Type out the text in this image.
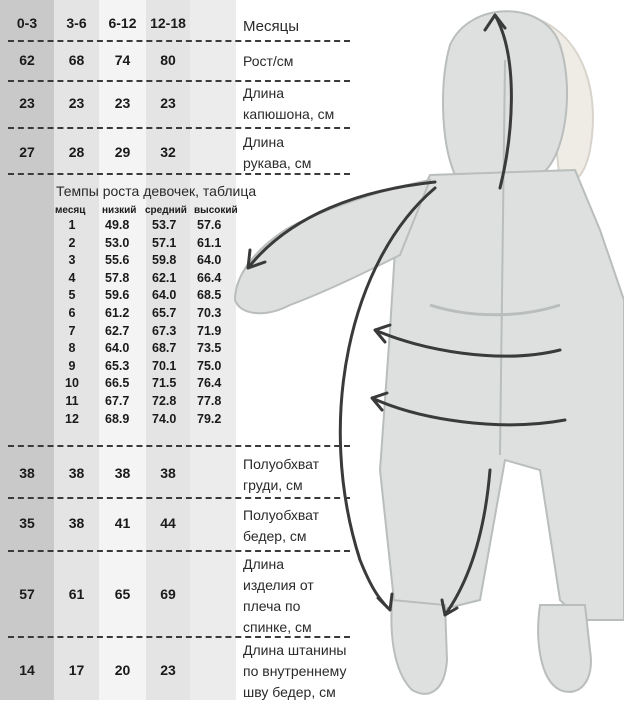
0-3	3-6	6-12 12-18	Месяцы
62	68	74	80	Рост/см
23	23	23	23
Длина
капюшона, см
27	28	29	32
Длина
рукава, см
Темпы роста девочек, таблица
месяц низкий средний высокий
1	49.8 53.7 57.6
2	53.0 57.1 61.1
3	55.6 59.8 64.0
4	57.8 62.1 66.4
5	59.6 64.0 68.5
6	61.2 65.7 70.3
7	62.7 67.3 71.9
8	64.0 68.7 73.5
9	65.3 70.1 75.0
10	66.5 71.5 76.4
11	67.7 72.8 77.8
12	68.9 74.0 79.2
38	38	38	38
Полуобхват
груди, см
35	38	41	44	Полуобхват
бедер, см
57	61	65	69
Длина
изделия от
плеча по
спинке, см
14	17	20	23
Длина штанины
по внутреннему
шву бедер, см
